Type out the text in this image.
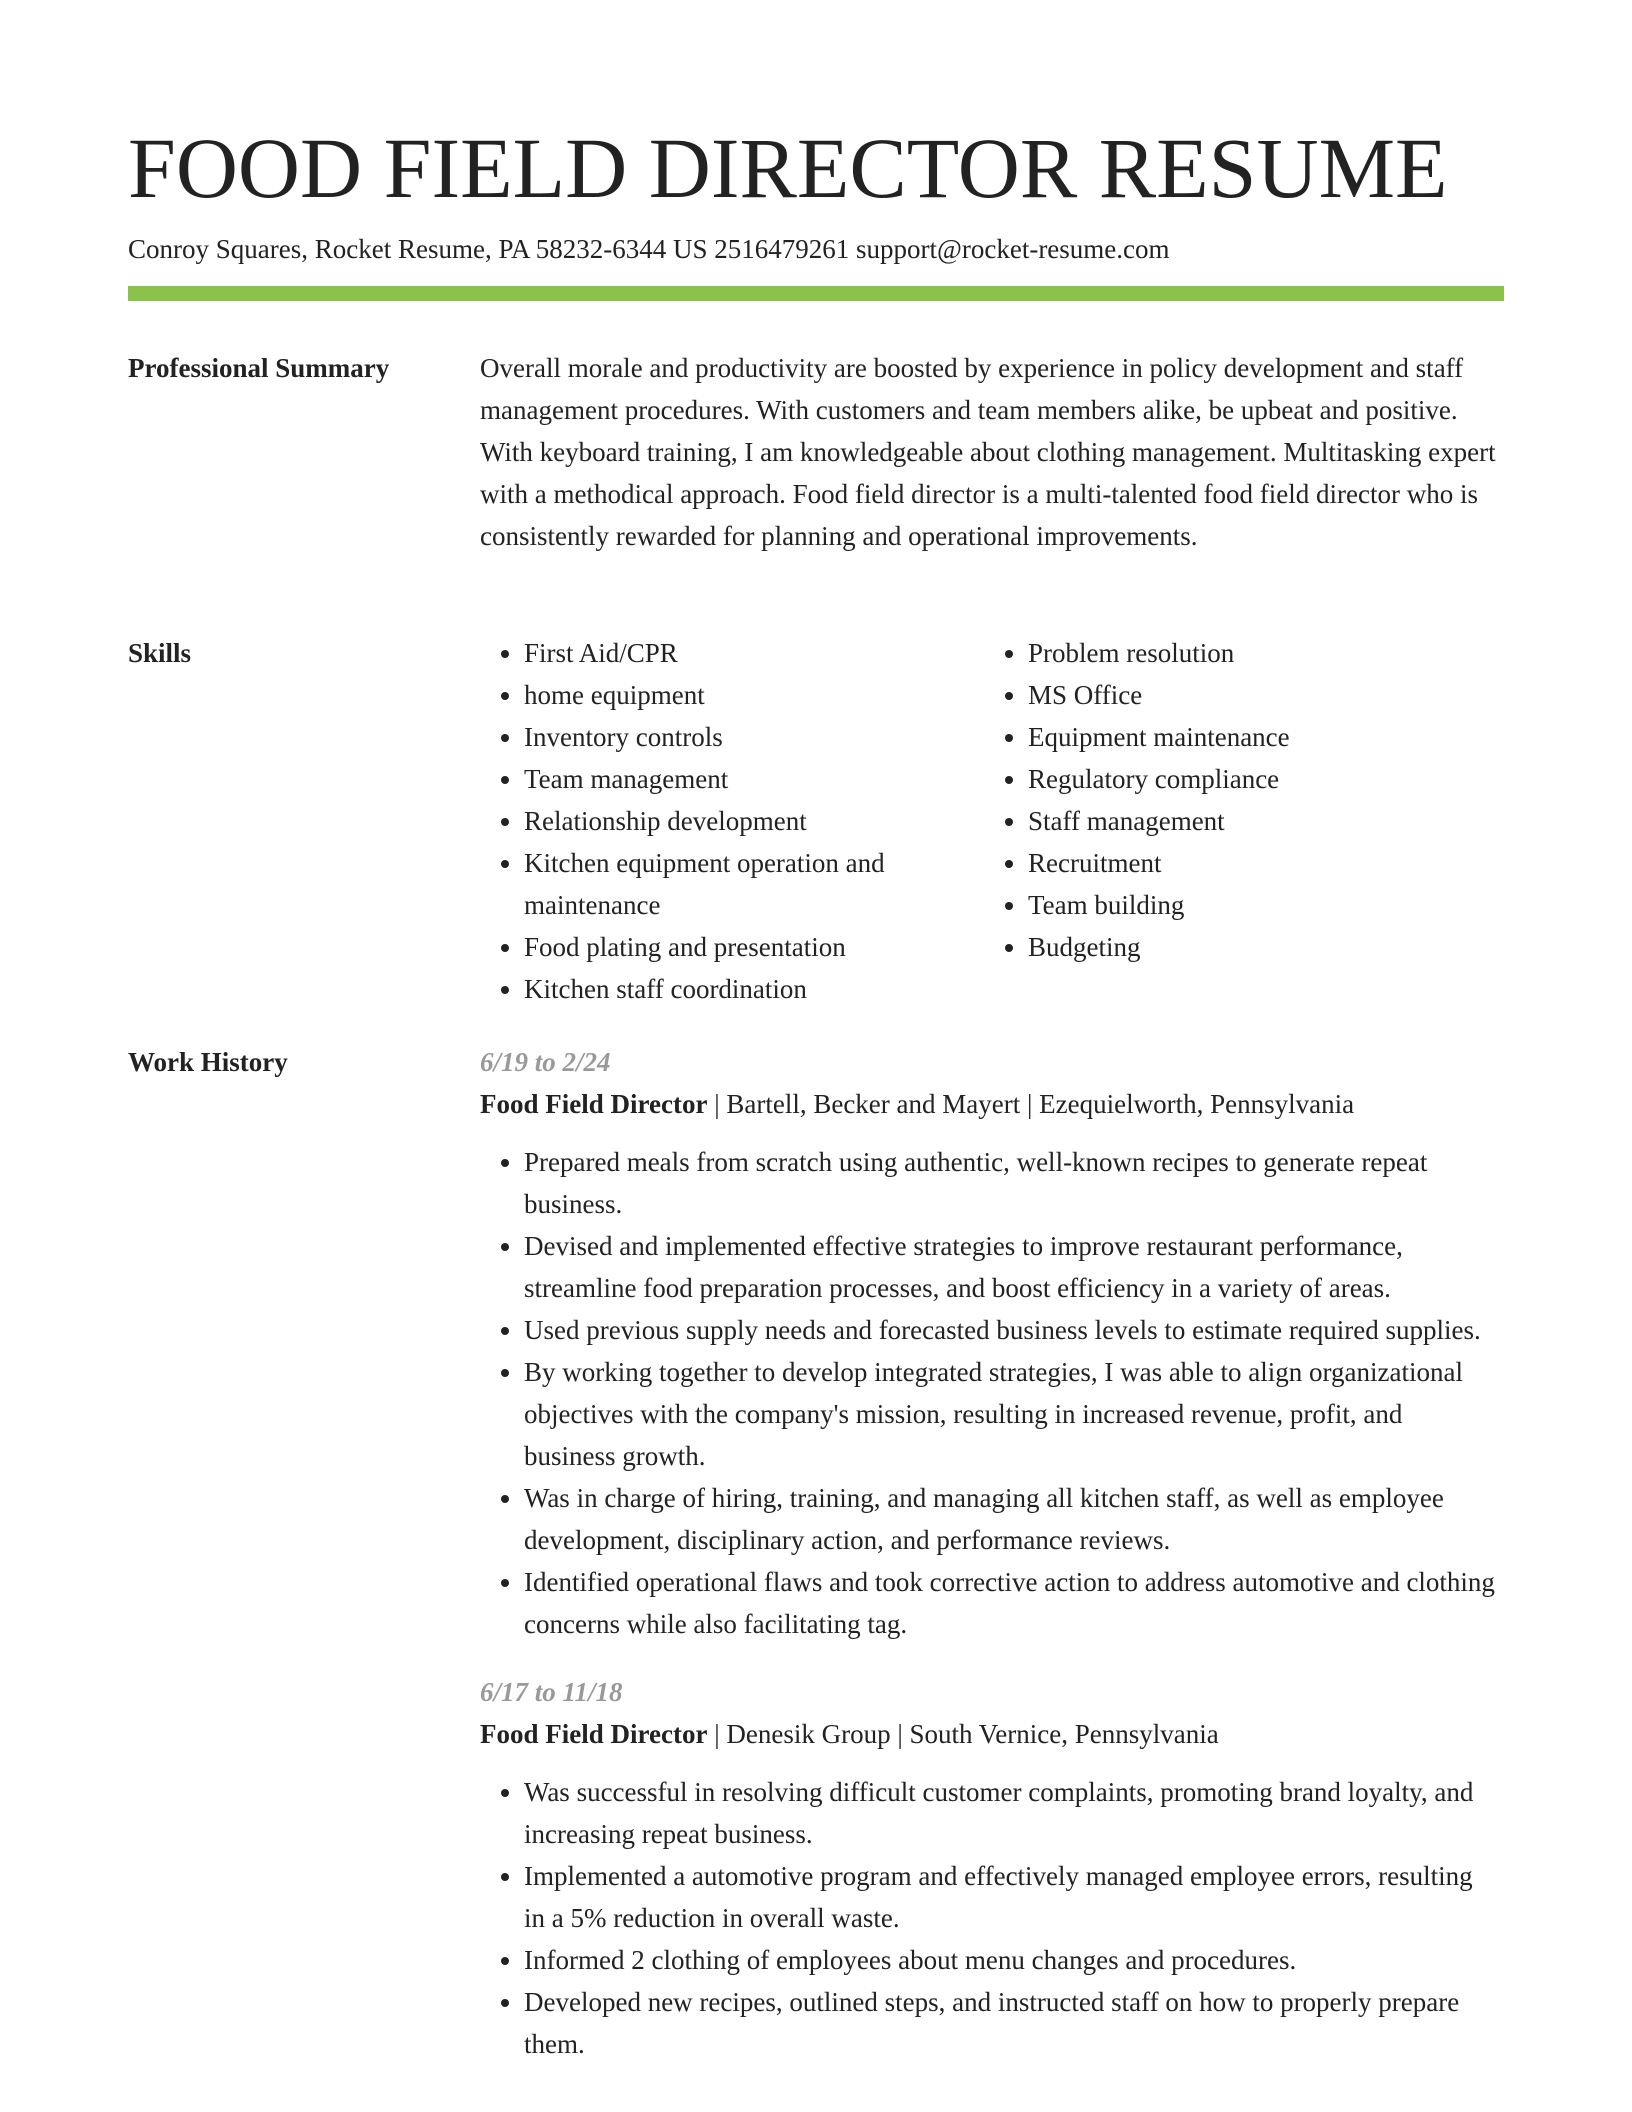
FOOD FIELD DIRECTOR RESUME
Conroy Squares, Rocket Resume, PA 58232-6344 US 2516479261 support@rocket-resume.com
Professional Summary	Overall morale and productivity are boosted by experience in policy development and staff management procedures. With customers and team members alike, be upbeat and positive. With keyboard training, I am knowledgeable about clothing management. Multitasking expert with a methodical approach. Food field director is a multi-talented food field director who is consistently rewarded for planning and operational improvements.

Skills
•	First Aid/CPR
• home equipment
• Inventory controls
• Team management
• Relationship development
• Kitchen equipment operation and maintenance
• Food plating and presentation
• Kitchen staff coordination
• Problem resolution
• MS Office
• Equipment maintenance
• Regulatory compliance
• Staff management
• Recruitment
• Team building
• Budgeting
Work History	6/19 to 2/24
Food Field Director | Bartell, Becker and Mayert | Ezequielworth, Pennsylvania
• Prepared meals from scratch using authentic, well-known recipes to generate repeat business.
• Devised and implemented effective strategies to improve restaurant performance, streamline food preparation processes, and boost efficiency in a variety of areas.
• Used previous supply needs and forecasted business levels to estimate required supplies.
• By working together to develop integrated strategies, I was able to align organizational objectives with the company's mission, resulting in increased revenue, profit, and business growth.
• Was in charge of hiring, training, and managing all kitchen staff, as well as employee development, disciplinary action, and performance reviews.
• Identified operational flaws and took corrective action to address automotive and clothing concerns while also facilitating tag.
6/17 to 11/18
Food Field Director | Denesik Group | South Vernice, Pennsylvania
• Was successful in resolving difficult customer complaints, promoting brand loyalty, and increasing repeat business.
• Implemented a automotive program and effectively managed employee errors, resulting in a 5% reduction in overall waste.
• Informed 2 clothing of employees about menu changes and procedures.
• Developed new recipes, outlined steps, and instructed staff on how to properly prepare them.
